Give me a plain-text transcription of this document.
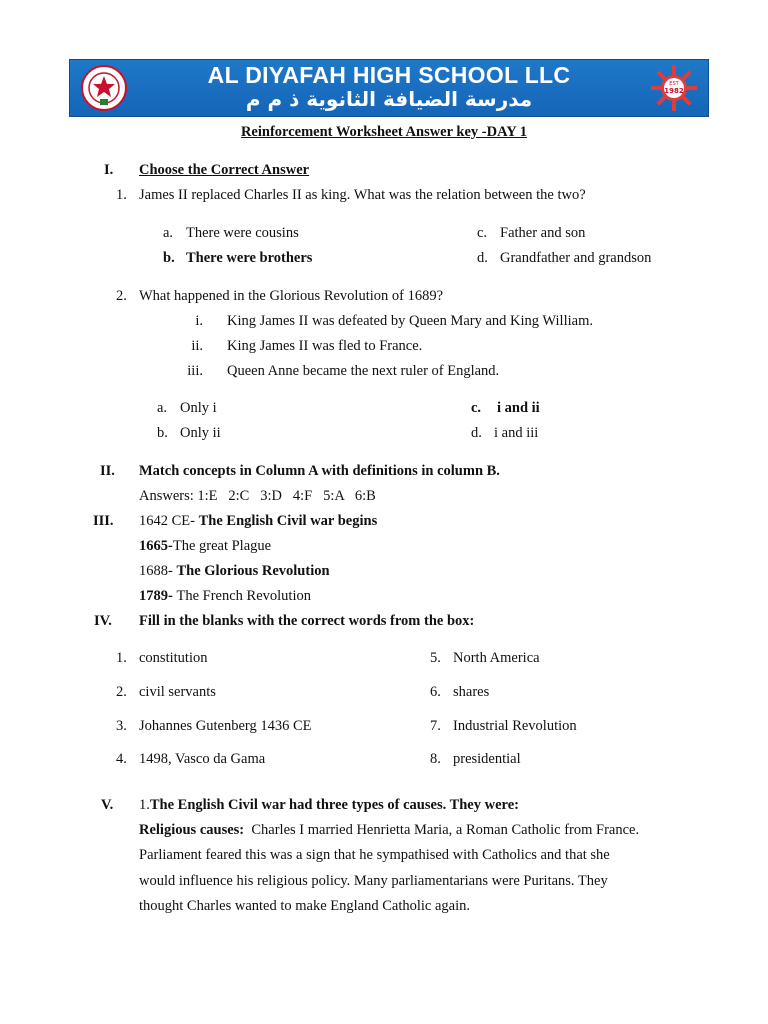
AL DIYAFAH HIGH SCHOOL LLC
مدرسة الضيافة الثانوية ذ م م
EST
1982
Reinforcement Worksheet Answer key -DAY 1
I. Choose the Correct Answer
1. James II replaced Charles II as king. What was the relation between the two?
a. There were cousins
b. There were brothers
c. Father and son
d. Grandfather and grandson
2. What happened in the Glorious Revolution of 1689?
i. King James II was defeated by Queen Mary and King William.
ii. King James II was fled to France.
iii. Queen Anne became the next ruler of England.
a. Only i
b. Only ii
c. i and ii
d. i and iii
II. Match concepts in Column A with definitions in column B.
Answers: 1:E   2:C   3:D   4:F   5:A   6:B
III. 1642 CE- The English Civil war begins
1665-The great Plague
1688- The Glorious Revolution
1789- The French Revolution
IV. Fill in the blanks with the correct words from the box:
1. constitution
2. civil servants
3. Johannes Gutenberg 1436 CE
4. 1498, Vasco da Gama
5. North America
6. shares
7. Industrial Revolution
8. presidential
V. 1.The English Civil war had three types of causes. They were:
Religious causes:  Charles I married Henrietta Maria, a Roman Catholic from France.
Parliament feared this was a sign that he sympathised with Catholics and that she
would influence his religious policy. Many parliamentarians were Puritans. They
thought Charles wanted to make England Catholic again.
